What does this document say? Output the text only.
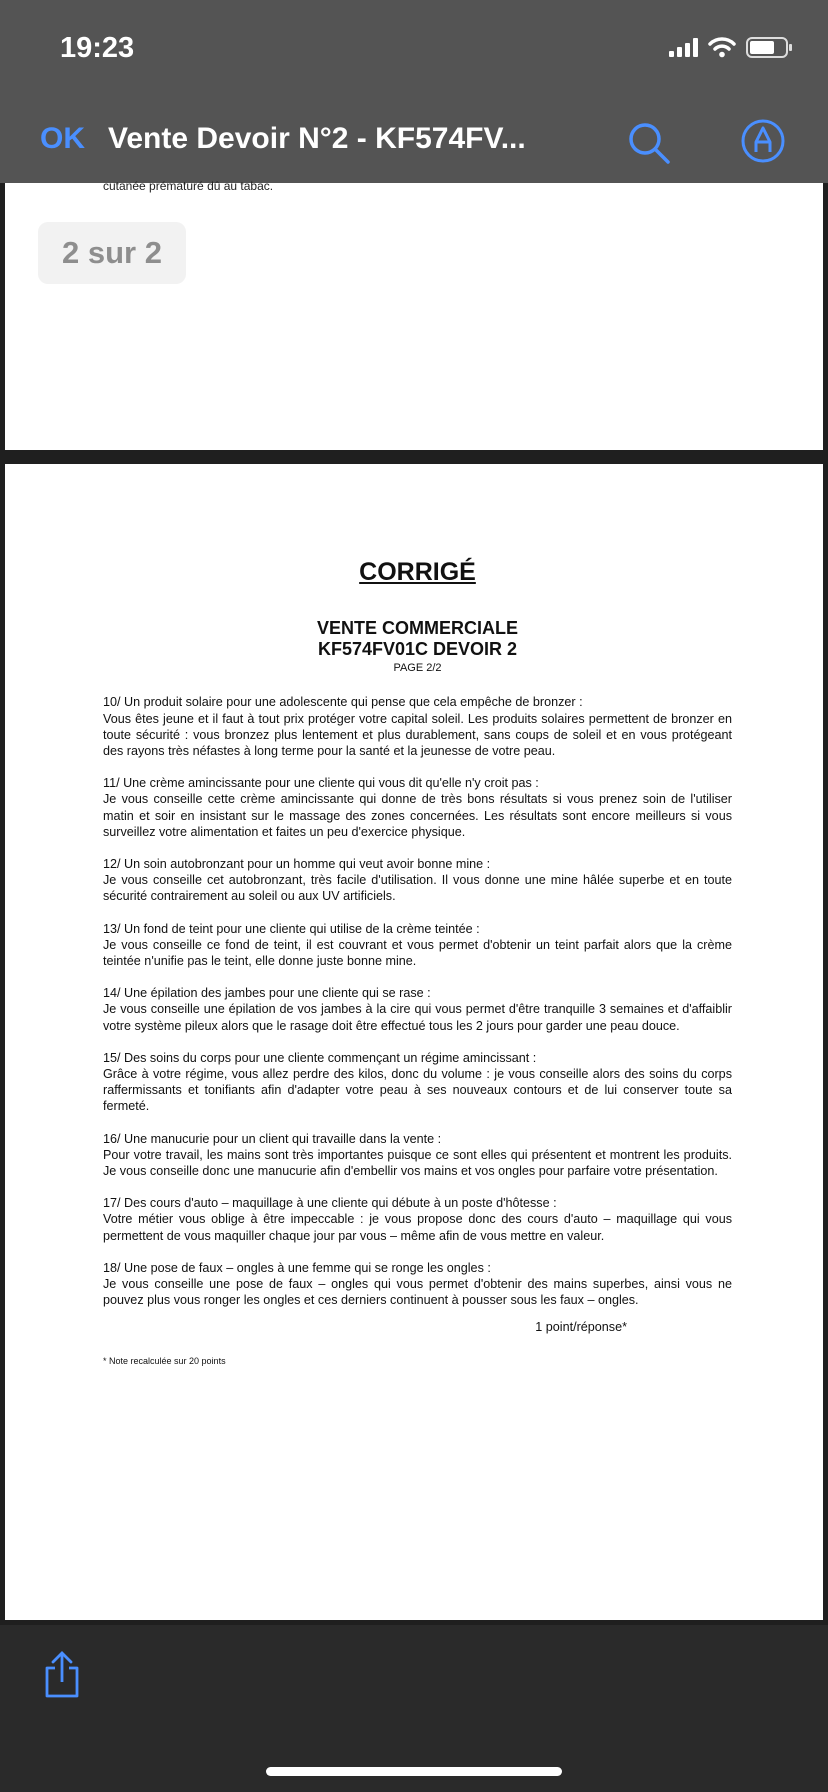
19:23
OK Vente Devoir N°2 - KF574FV...
cutanée prématuré dû au tabac.
2 sur 2
CORRIGÉ
VENTE COMMERCIALE
KF574FV01C DEVOIR 2
PAGE 2/2

10/ Un produit solaire pour une adolescente qui pense que cela empêche de bronzer :

Vous êtes jeune et il faut à tout prix protéger votre capital soleil. Les produits solaires permettent de bronzer en toute sécurité : vous bronzez plus lentement et plus durablement, sans coups de soleil et en vous protégeant des rayons très néfastes à long terme pour la santé et la jeunesse de votre peau.

11/ Une crème amincissante pour une cliente qui vous dit qu'elle n'y croit pas :

Je vous conseille cette crème amincissante qui donne de très bons résultats si vous prenez soin de l'utiliser matin et soir en insistant sur le massage des zones concernées. Les résultats sont encore meilleurs si vous surveillez votre alimentation et faites un peu d'exercice physique.

12/ Un soin autobronzant pour un homme qui veut avoir bonne mine :

Je vous conseille cet autobronzant, très facile d'utilisation. Il vous donne une mine hâlée superbe et en toute sécurité contrairement au soleil ou aux UV artificiels.

13/ Un fond de teint pour une cliente qui utilise de la crème teintée :

Je vous conseille ce fond de teint, il est couvrant et vous permet d'obtenir un teint parfait alors que la crème teintée n'unifie pas le teint, elle donne juste bonne mine.

14/ Une épilation des jambes pour une cliente qui se rase :

Je vous conseille une épilation de vos jambes à la cire qui vous permet d'être tranquille 3 semaines et d'affaiblir votre système pileux alors que le rasage doit être effectué tous les 2 jours pour garder une peau douce.

15/ Des soins du corps pour une cliente commençant un régime amincissant :

Grâce à votre régime, vous allez perdre des kilos, donc du volume : je vous conseille alors des soins du corps raffermissants et tonifiants afin d'adapter votre peau à ses nouveaux contours et de lui conserver toute sa fermeté.

16/ Une manucurie pour un client qui travaille dans la vente :

Pour votre travail, les mains sont très importantes puisque ce sont elles qui présentent et montrent les produits. Je vous conseille donc une manucurie afin d'embellir vos mains et vos ongles pour parfaire votre présentation.

17/ Des cours d'auto – maquillage à une cliente qui débute à un poste d'hôtesse :

Votre métier vous oblige à être impeccable : je vous propose donc des cours d'auto – maquillage qui vous permettent de vous maquiller chaque jour par vous – même afin de vous mettre en valeur.

18/ Une pose de faux – ongles à une femme qui se ronge les ongles :

Je vous conseille une pose de faux – ongles qui vous permet d'obtenir des mains superbes, ainsi vous ne pouvez plus vous ronger les ongles et ces derniers continuent à pousser sous les faux – ongles.

1 point/réponse*
* Note recalculée sur 20 points
